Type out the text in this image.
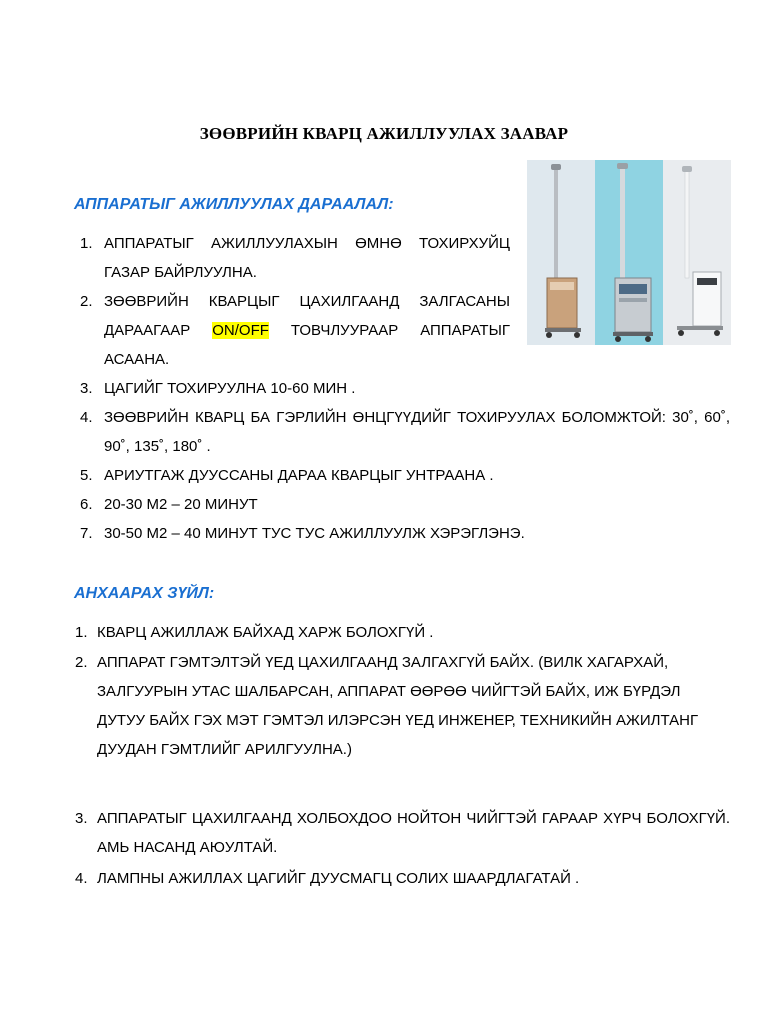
ЗӨӨВРИЙН КВАРЦ АЖИЛЛУУЛАХ ЗААВАР
АППАРАТЫГ АЖИЛЛУУЛАХ ДАРААЛАЛ:
1. АППАРАТЫГ АЖИЛЛУУЛАХЫН ӨМНӨ ТОХИРХУЙЦ ГАЗАР БАЙРЛУУЛНА.
2. ЗӨӨВРИЙН КВАРЦЫГ ЦАХИЛГААНД ЗАЛГАСАНЫ ДАРААГААР ON/OFF ТОВЧЛУУРААР АППАРАТЫГ АСААНА.
3. ЦАГИЙГ ТОХИРУУЛНА 10-60 МИН .
4. ЗӨӨВРИЙН КВАРЦ БА ГЭРЛИЙН ӨНЦГҮҮДИЙГ ТОХИРУУЛАХ БОЛОМЖТОЙ: 30˚, 60˚, 90˚, 135˚, 180˚ .
5. АРИУТГАЖ ДУУССАНЫ ДАРАА КВАРЦЫГ УНТРААНА .
6. 20-30 М2 – 20 МИНУТ
7. 30-50 М2 – 40 МИНУТ ТУС ТУС АЖИЛЛУУЛЖ ХЭРЭГЛЭНЭ.
АНХААРАХ ЗҮЙЛ:
1. КВАРЦ АЖИЛЛАЖ БАЙХАД ХАРЖ БОЛОХГҮЙ .
2. АППАРАТ ГЭМТЭЛТЭЙ ҮЕД ЦАХИЛГААНД ЗАЛГАХГҮЙ БАЙХ. (ВИЛК ХАГАРХАЙ, ЗАЛГУУРЫН УТАС ШАЛБАРСАН, АППАРАТ ӨӨРӨӨ ЧИЙГТЭЙ БАЙХ, ИЖ БҮРДЭЛ ДУТУУ БАЙХ ГЭХ МЭТ ГЭМТЭЛ ИЛЭРСЭН ҮЕД ИНЖЕНЕР, ТЕХНИКИЙН АЖИЛТАНГ ДУУДАН ГЭМТЛИЙГ АРИЛГУУЛНА.)
3. АППАРАТЫГ ЦАХИЛГААНД ХОЛБОХДОО НОЙТОН ЧИЙГТЭЙ ГАРААР ХҮРЧ БОЛОХГҮЙ. АМЬ НАСАНД АЮУЛТАЙ.
4. ЛАМПНЫ АЖИЛЛАХ ЦАГИЙГ ДУУСМАГЦ СОЛИХ ШААРДЛАГАТАЙ .
